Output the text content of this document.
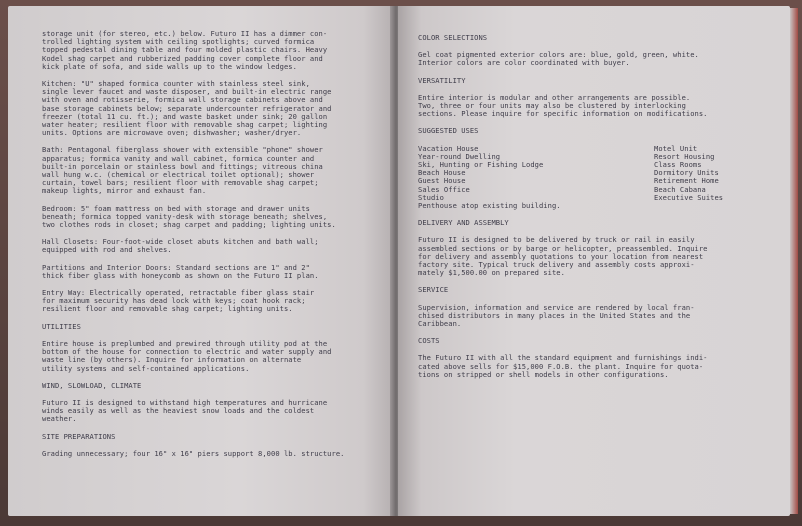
storage unit (for stereo, etc.) below. Futuro II has a dimmer con-
trolled lighting system with ceiling spotlights; curved formica
topped pedestal dining table and four molded plastic chairs. Heavy
Kodel shag carpet and rubberized padding cover complete floor and
kick plate of sofa, and side walls up to the window ledges.
Kitchen: "U" shaped formica counter with stainless steel sink,
single lever faucet and waste disposer, and built-in electric range
with oven and rotisserie, formica wall storage cabinets above and
base storage cabinets below; separate undercounter refrigerator and
freezer (total 11 cu. ft.); and waste basket under sink; 20 gallon
water heater; resilient floor with removable shag carpet; lighting
units. Options are microwave oven; dishwasher; washer/dryer.
Bath: Pentagonal fiberglass shower with extensible "phone" shower
apparatus; formica vanity and wall cabinet, formica counter and
built-in porcelain or stainless bowl and fittings; vitreous china
wall hung w.c. (chemical or electrical toilet optional); shower
curtain, towel bars; resilient floor with removable shag carpet;
makeup lights, mirror and exhaust fan.
Bedroom: 5" foam mattress on bed with storage and drawer units
beneath; formica topped vanity-desk with storage beneath; shelves,
two clothes rods in closet; shag carpet and padding; lighting units.
Hall Closets: Four-foot-wide closet abuts kitchen and bath wall;
equipped with rod and shelves.
Partitions and Interior Doors: Standard sections are 1" and 2"
thick fiber glass with honeycomb as shown on the Futuro II plan.
Entry Way: Electrically operated, retractable fiber glass stair
for maximum security has dead lock with keys; coat hook rack;
resilient floor and removable shag carpet; lighting units.
UTILITIES
Entire house is preplumbed and prewired through utility pod at the
bottom of the house for connection to electric and water supply and
waste line (by others). Inquire for information on alternate
utility systems and self-contained applications.
WIND, SLOWLOAD, CLIMATE
Futuro II is designed to withstand high temperatures and hurricane
winds easily as well as the heaviest snow loads and the coldest
weather.
SITE PREPARATIONS
Grading unnecessary; four 16" x 16" piers support 8,000 lb. structure.
COLOR SELECTIONS
Gel coat pigmented exterior colors are: blue, gold, green, white.
Interior colors are color coordinated with buyer.
VERSATILITY
Entire interior is modular and other arrangements are possible.
Two, three or four units may also be clustered by interlocking
sections. Please inquire for specific information on modifications.
SUGGESTED USES
Vacation House
Year-round Dwelling
Ski, Hunting or Fishing Lodge
Beach House
Guest House
Sales Office
Studio
Penthouse atop existing building.
Motel Unit
Resort Housing
Class Rooms
Dormitory Units
Retirement Home
Beach Cabana
Executive Suites
DELIVERY AND ASSEMBLY
Futuro II is designed to be delivered by truck or rail in easily
assembled sections or by barge or helicopter, preassembled. Inquire
for delivery and assembly quotations to your location from nearest
factory site. Typical truck delivery and assembly costs approxi-
mately $1,500.00 on prepared site.
SERVICE
Supervision, information and service are rendered by local fran-
chised distributors in many places in the United States and the
Caribbean.
COSTS
The Futuro II with all the standard equipment and furnishings indi-
cated above sells for $15,000 F.O.B. the plant. Inquire for quota-
tions on stripped or shell models in other configurations.
